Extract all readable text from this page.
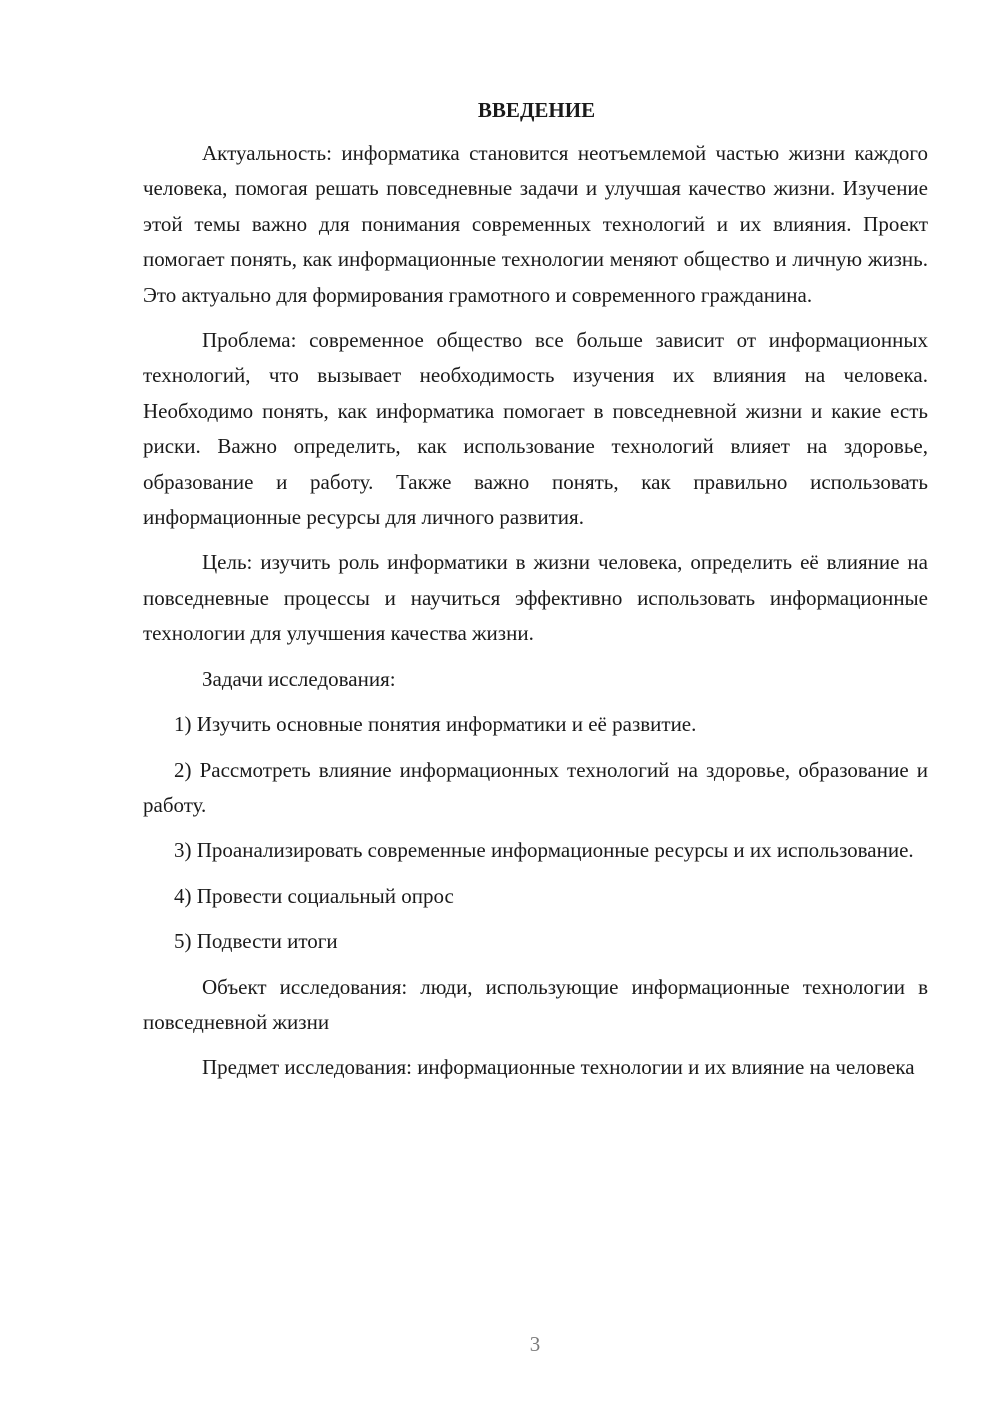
ВВЕДЕНИЕ

Актуальность: информатика становится неотъемлемой частью жизни каждого человека, помогая решать повседневные задачи и улучшая качество жизни. Изучение этой темы важно для понимания современных технологий и их влияния. Проект помогает понять, как информационные технологии меняют общество и личную жизнь. Это актуально для формирования грамотного и современного гражданина.

Проблема: современное общество все больше зависит от информационных технологий, что вызывает необходимость изучения их влияния на человека. Необходимо понять, как информатика помогает в повседневной жизни и какие есть риски. Важно определить, как использование технологий влияет на здоровье, образование и работу. Также важно понять, как правильно использовать информационные ресурсы для личного развития.

Цель: изучить роль информатики в жизни человека, определить её влияние на повседневные процессы и научиться эффективно использовать информационные технологии для улучшения качества жизни.

Задачи исследования:

1) Изучить основные понятия информатики и её развитие.

2) Рассмотреть влияние информационных технологий на здоровье, образование и работу.

3) Проанализировать современные информационные ресурсы и их использование.

4) Провести социальный опрос

5) Подвести итоги

Объект исследования: люди, использующие информационные технологии в повседневной жизни

Предмет исследования: информационные технологии и их влияние на человека

3
